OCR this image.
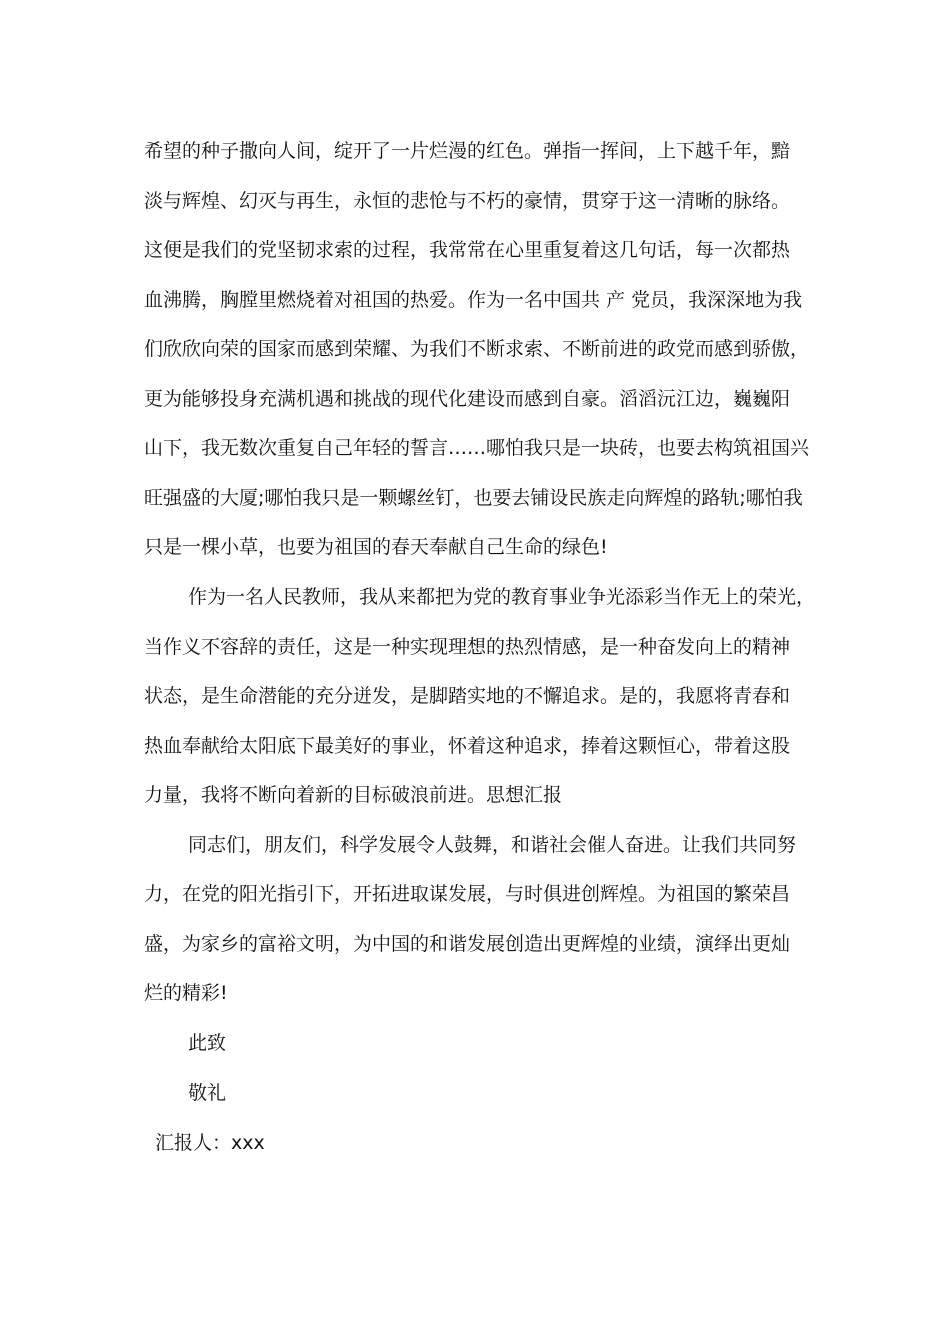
希望的种子撒向人间，绽开了一片烂漫的红色。弹指一挥间，上下越千年，黯
淡与辉煌、幻灭与再生，永恒的悲怆与不朽的豪情，贯穿于这一清晰的脉络。
这便是我们的党坚韧求索的过程，我常常在心里重复着这几句话，每一次都热
血沸腾，胸膛里燃烧着对祖国的热爱。作为一名中国共 产 党员，我深深地为我
们欣欣向荣的国家而感到荣耀、为我们不断求索、不断前进的政党而感到骄傲，
更为能够投身充满机遇和挑战的现代化建设而感到自豪。滔滔沅江边，巍巍阳
山下，我无数次重复自己年轻的誓言……哪怕我只是一块砖，也要去构筑祖国兴
旺强盛的大厦;哪怕我只是一颗螺丝钉，也要去铺设民族走向辉煌的路轨;哪怕我
只是一棵小草，也要为祖国的春天奉献自己生命的绿色!
作为一名人民教师，我从来都把为党的教育事业争光添彩当作无上的荣光，
当作义不容辞的责任，这是一种实现理想的热烈情感，是一种奋发向上的精神
状态，是生命潜能的充分迸发，是脚踏实地的不懈追求。是的，我愿将青春和
热血奉献给太阳底下最美好的事业，怀着这种追求，捧着这颗恒心，带着这股
力量，我将不断向着新的目标破浪前进。思想汇报
同志们，朋友们，科学发展令人鼓舞，和谐社会催人奋进。让我们共同努
力，在党的阳光指引下，开拓进取谋发展，与时俱进创辉煌。为祖国的繁荣昌
盛，为家乡的富裕文明，为中国的和谐发展创造出更辉煌的业绩，演绎出更灿
烂的精彩!
此致
敬礼
汇报人：xxx
